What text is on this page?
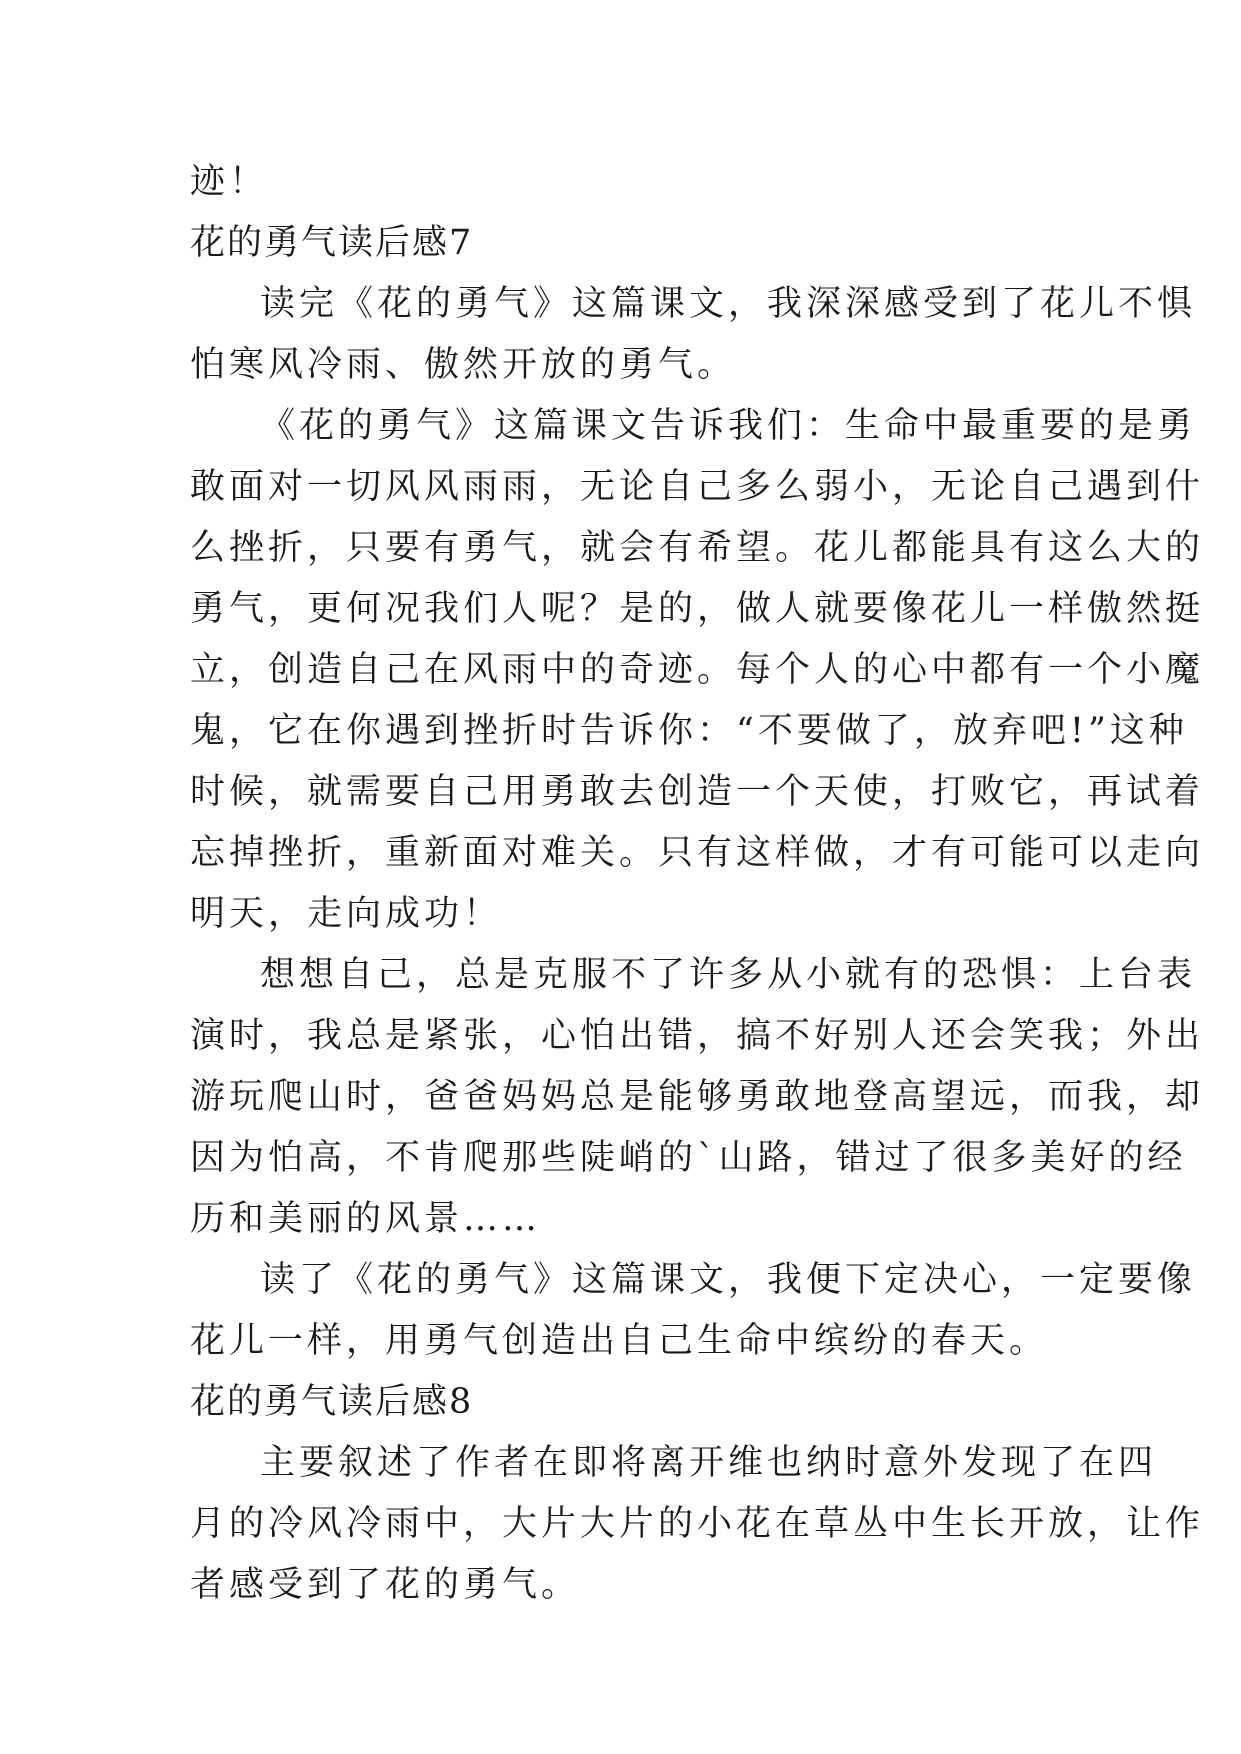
迹！
花的勇气读后感7
读完《花的勇气》这篇课文，我深深感受到了花儿不惧
怕寒风冷雨、傲然开放的勇气。
《花的勇气》这篇课文告诉我们：生命中最重要的是勇
敢面对一切风风雨雨，无论自己多么弱小，无论自己遇到什
么挫折，只要有勇气，就会有希望。花儿都能具有这么大的
勇气，更何况我们人呢？是的，做人就要像花儿一样傲然挺
立，创造自己在风雨中的奇迹。每个人的心中都有一个小魔
鬼，它在你遇到挫折时告诉你：“不要做了，放弃吧!”这种
时候，就需要自己用勇敢去创造一个天使，打败它，再试着
忘掉挫折，重新面对难关。只有这样做，才有可能可以走向
明天，走向成功！
想想自己，总是克服不了许多从小就有的恐惧：上台表
演时，我总是紧张，心怕出错，搞不好别人还会笑我；外出
游玩爬山时，爸爸妈妈总是能够勇敢地登高望远，而我，却
因为怕高，不肯爬那些陡峭的`山路，错过了很多美好的经
历和美丽的风景……
读了《花的勇气》这篇课文，我便下定决心，一定要像
花儿一样，用勇气创造出自己生命中缤纷的春天。
花的勇气读后感8
主要叙述了作者在即将离开维也纳时意外发现了在四
月的冷风冷雨中，大片大片的小花在草丛中生长开放，让作
者感受到了花的勇气。
